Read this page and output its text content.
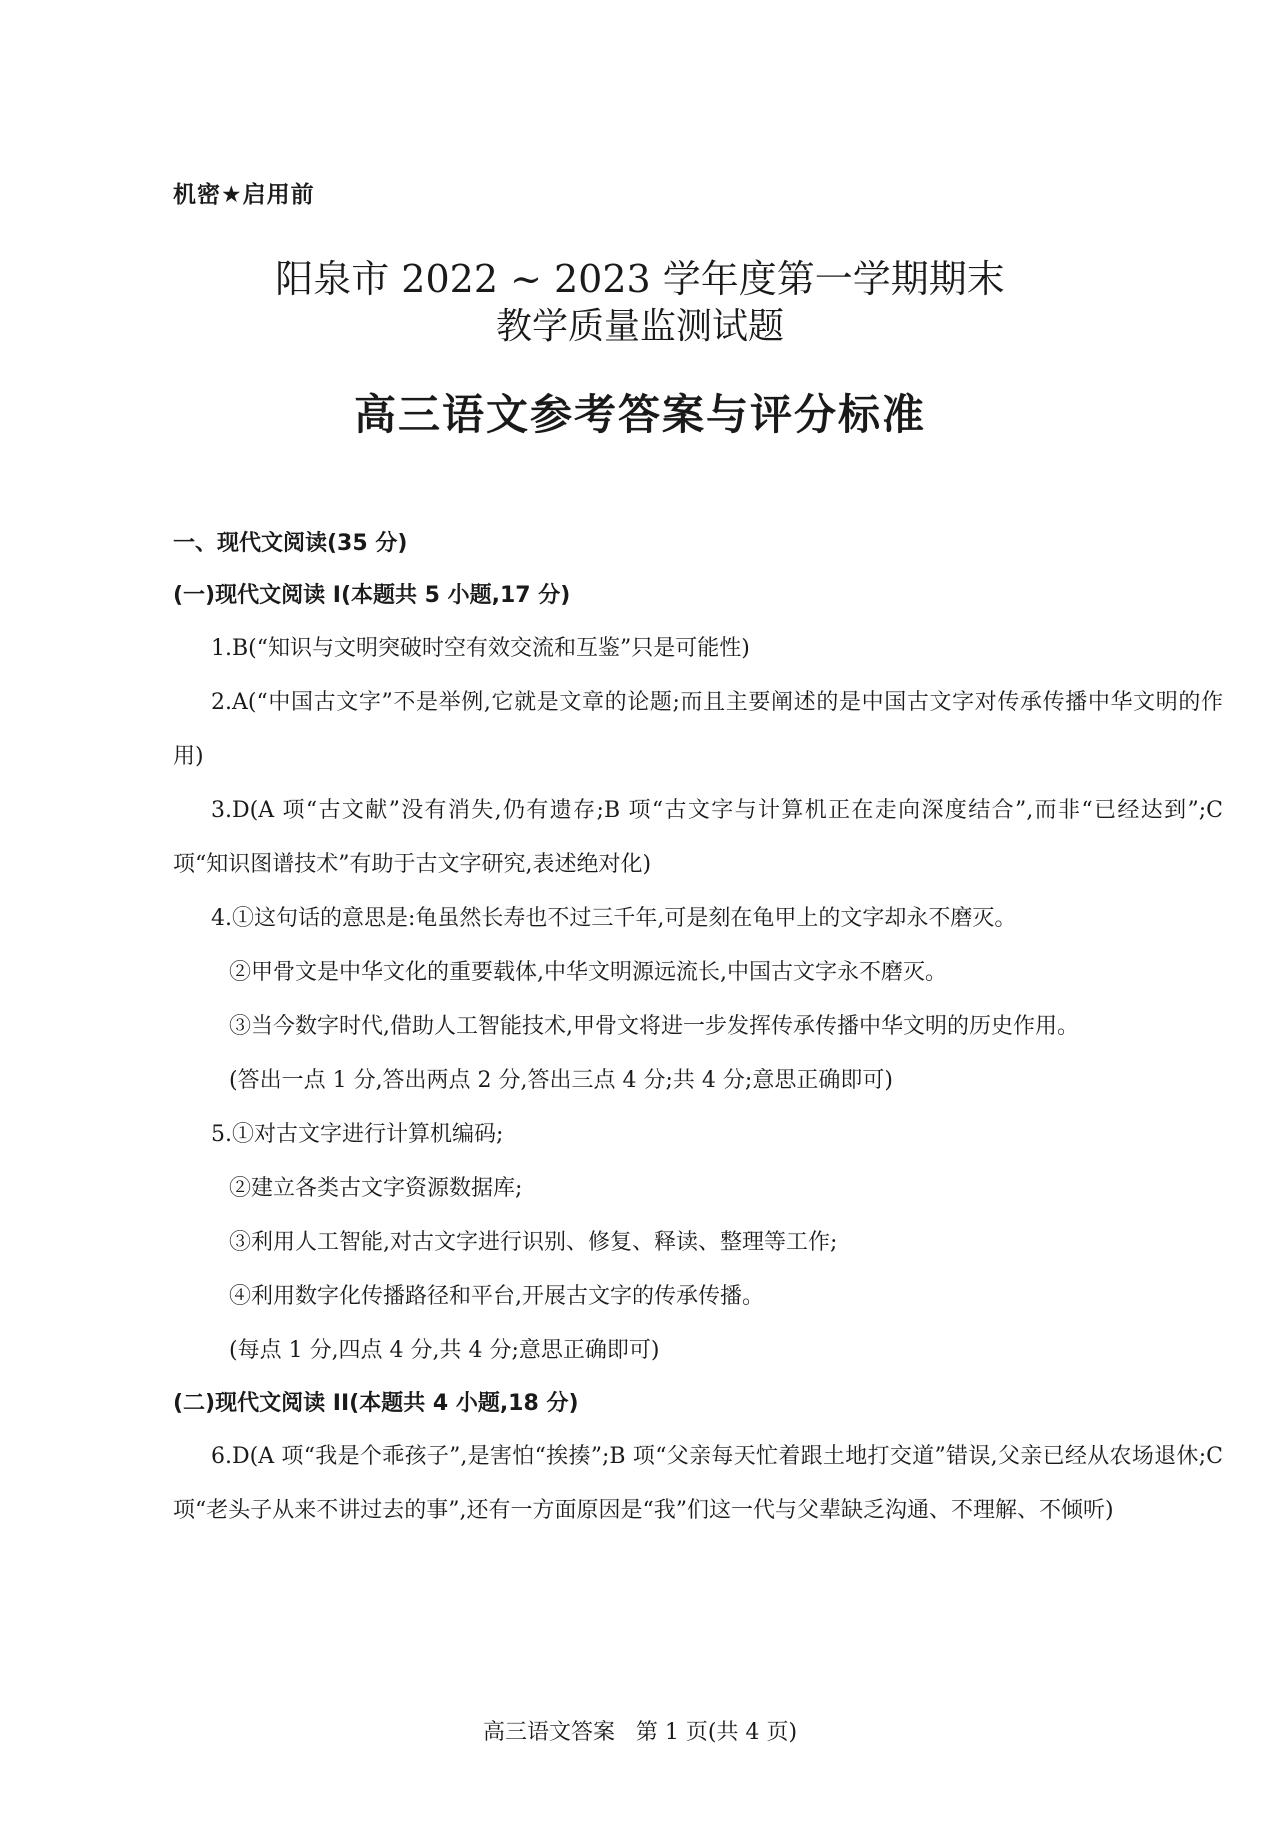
机密★启用前
阳泉市 2022 ~ 2023 学年度第一学期期末
教学质量监测试题
高三语文参考答案与评分标准
一、现代文阅读(35 分)
(一)现代文阅读 I(本题共 5 小题,17 分)
1.B(“知识与文明突破时空有效交流和互鉴”只是可能性)
2.A(“中国古文字”不是举例,它就是文章的论题;而且主要阐述的是中国古文字对传承传播中华文明的作用)
3.D(A 项“古文献”没有消失,仍有遗存;B 项“古文字与计算机正在走向深度结合”,而非“已经达到”;C 项“知识图谱技术”有助于古文字研究,表述绝对化)
4.①这句话的意思是:龟虽然长寿也不过三千年,可是刻在龟甲上的文字却永不磨灭。
②甲骨文是中华文化的重要载体,中华文明源远流长,中国古文字永不磨灭。
③当今数字时代,借助人工智能技术,甲骨文将进一步发挥传承传播中华文明的历史作用。
(答出一点 1 分,答出两点 2 分,答出三点 4 分;共 4 分;意思正确即可)
5.①对古文字进行计算机编码;
②建立各类古文字资源数据库;
③利用人工智能,对古文字进行识别、修复、释读、整理等工作;
④利用数字化传播路径和平台,开展古文字的传承传播。
(每点 1 分,四点 4 分,共 4 分;意思正确即可)
(二)现代文阅读 II(本题共 4 小题,18 分)
6.D(A 项“我是个乖孩子”,是害怕“挨揍”;B 项“父亲每天忙着跟土地打交道”错误,父亲已经从农场退休;C 项“老头子从来不讲过去的事”,还有一方面原因是“我”们这一代与父辈缺乏沟通、不理解、不倾听)
高三语文答案   第 1 页(共 4 页)
